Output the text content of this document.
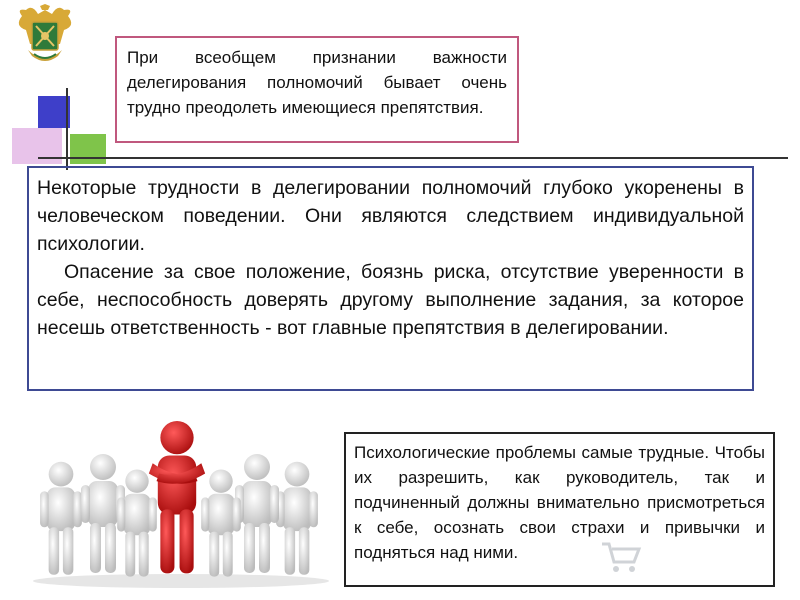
При всеобщем признании важности делегирования полномочий бывает очень трудно преодолеть имеющиеся препятствия.

Некоторые трудности в делегировании полномочий глубоко укоренены в человеческом поведении. Они являются следствием индивидуальной психологии.

Опасение за свое положение, боязнь риска, отсутствие уверенности в себе, неспособность доверять другому выполнение задания, за которое несешь ответственность - вот главные препятствия в делегировании.

Психологические проблемы самые трудные. Чтобы их разрешить, как руководитель, так и подчиненный должны внимательно присмотреться к себе, осознать свои страхи и привычки и подняться над ними.
